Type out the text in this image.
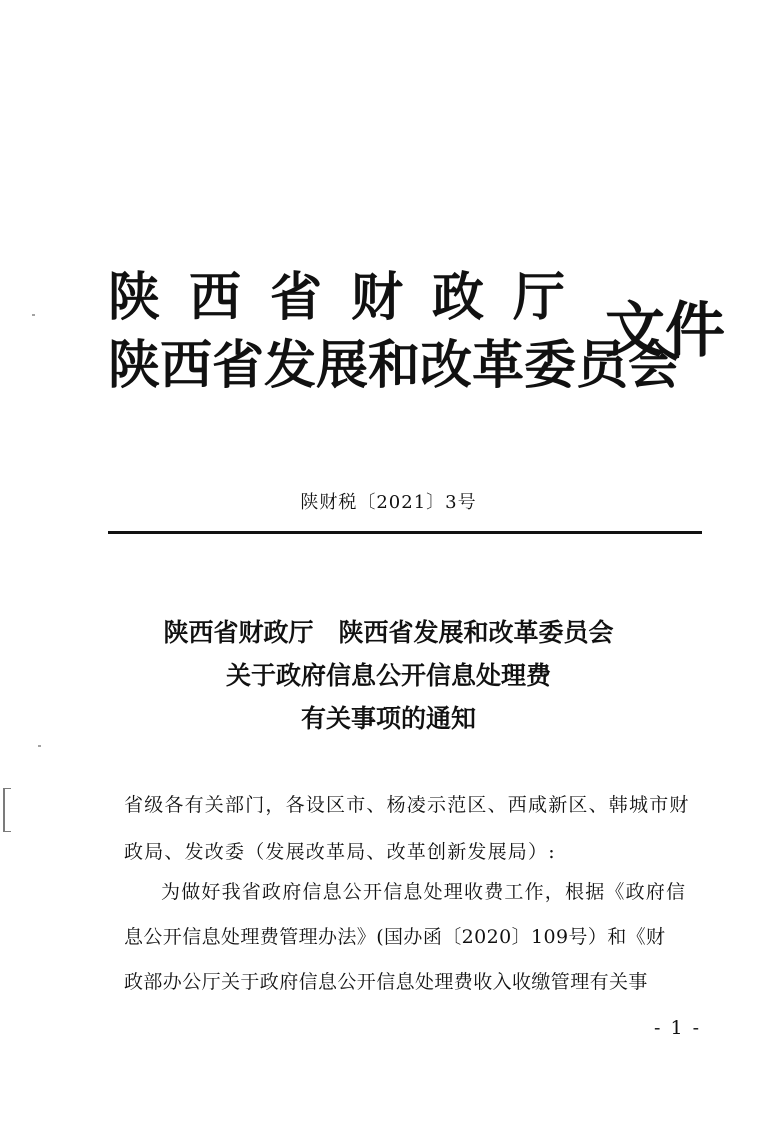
陕西省财政厅
陕西省发展和改革委员会
文件
陕财税〔2021〕3号
陕西省财政厅　陕西省发展和改革委员会
关于政府信息公开信息处理费
有关事项的通知
省级各有关部门，各设区市、杨凌示范区、西咸新区、韩城市财
政局、发改委（发展改革局、改革创新发展局）:
为做好我省政府信息公开信息处理收费工作，根据《政府信
息公开信息处理费管理办法》(国办函〔2020〕109号）和《财
政部办公厅关于政府信息公开信息处理费收入收缴管理有关事
- 1 -
